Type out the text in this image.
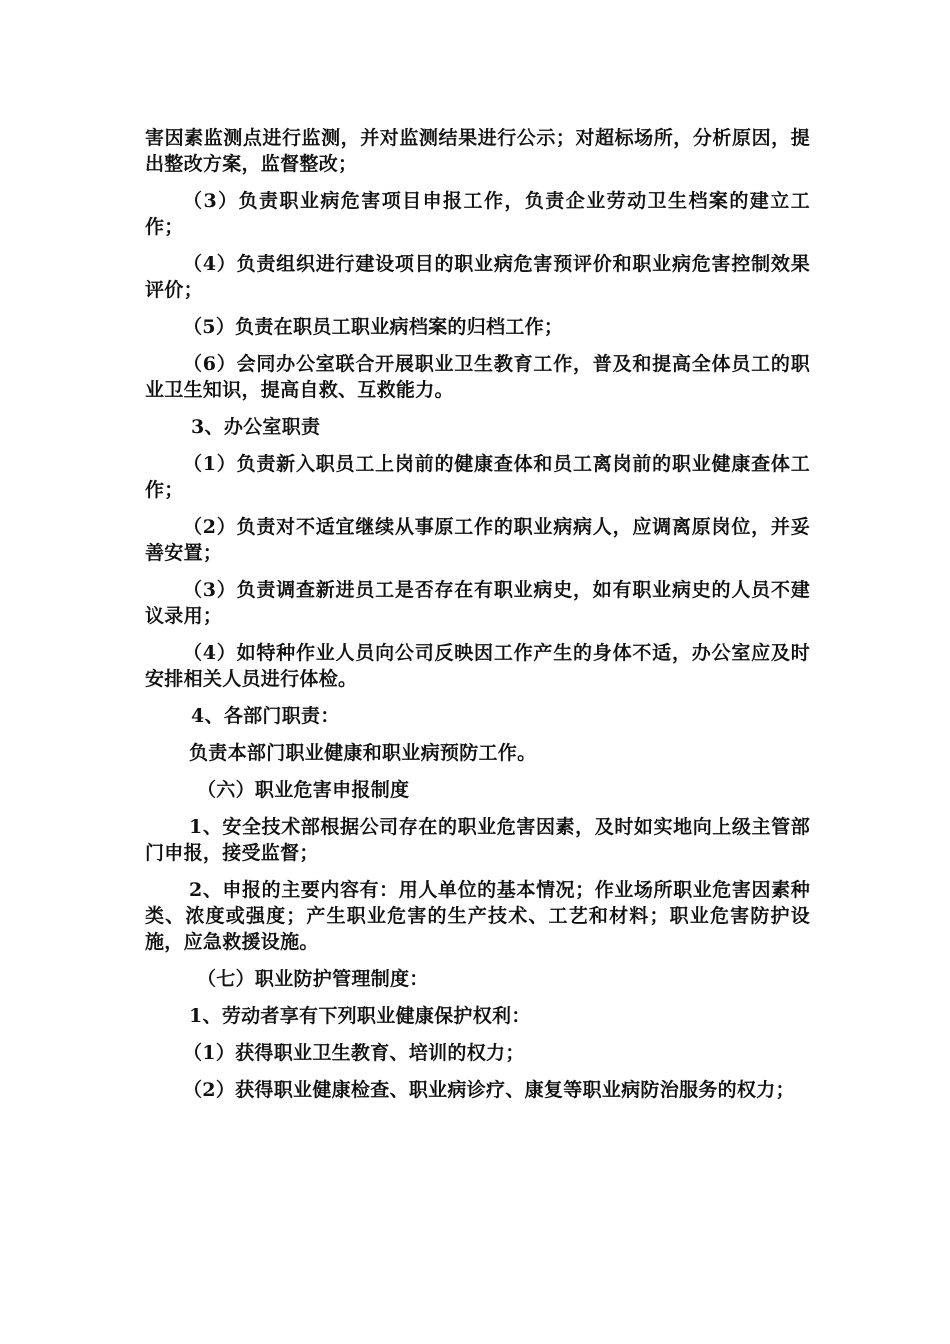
害因素监测点进行监测，并对监测结果进行公示；对超标场所，分析原因，提出整改方案，监督整改；

（3）负责职业病危害项目申报工作，负责企业劳动卫生档案的建立工作；

（4）负责组织进行建设项目的职业病危害预评价和职业病危害控制效果评价；

（5）负责在职员工职业病档案的归档工作；

（6）会同办公室联合开展职业卫生教育工作，普及和提高全体员工的职业卫生知识，提高自救、互救能力。

3、办公室职责

（1）负责新入职员工上岗前的健康查体和员工离岗前的职业健康查体工作；

（2）负责对不适宜继续从事原工作的职业病病人，应调离原岗位，并妥善安置；

（3）负责调查新进员工是否存在有职业病史，如有职业病史的人员不建议录用；

（4）如特种作业人员向公司反映因工作产生的身体不适，办公室应及时安排相关人员进行体检。

4、各部门职责：

负责本部门职业健康和职业病预防工作。

（六）职业危害申报制度

1、安全技术部根据公司存在的职业危害因素，及时如实地向上级主管部门申报，接受监督；

2、申报的主要内容有：用人单位的基本情况；作业场所职业危害因素种类、浓度或强度；产生职业危害的生产技术、工艺和材料；职业危害防护设施，应急救援设施。

（七）职业防护管理制度：

1、劳动者享有下列职业健康保护权利：

（1）获得职业卫生教育、培训的权力；

（2）获得职业健康检查、职业病诊疗、康复等职业病防治服务的权力；
